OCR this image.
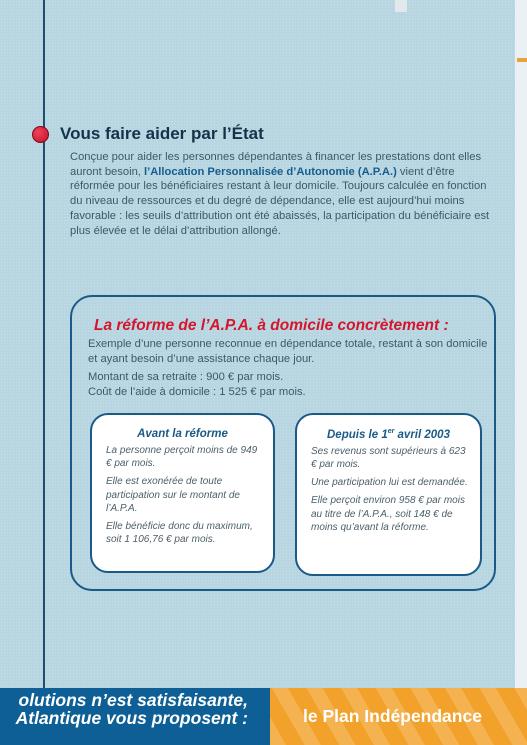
Vous faire aider par l’État

Conçue pour aider les personnes dépendantes à financer les prestations dont elles auront besoin, l’Allocation Personnalisée d’Autonomie (A.P.A.) vient d’être réformée pour les bénéficiaires restant à leur domicile. Toujours calculée en fonction du niveau de ressources et du degré de dépendance, elle est aujourd’hui moins favorable : les seuils d’attribution ont été abaissés, la participation du bénéficiaire est plus élevée et le délai d’attribution allongé.

La réforme de l’A.P.A. à domicile concrètement :

Exemple d’une personne reconnue en dépendance totale, restant à son domicile et ayant besoin d’une assistance chaque jour.

Montant de sa retraite : 900 € par mois.
Coût de l’aide à domicile : 1 525 € par mois.
Avant la réforme

La personne perçoit moins de 949 € par mois.

Elle est exonérée de toute participation sur le montant de l’A.P.A.

Elle bénéficie donc du maximum, soit 1 106,76 € par mois.

Depuis le 1er avril 2003

Ses revenus sont supérieurs à 623 € par mois.

Une participation lui est demandée.

Elle perçoit environ 958 € par mois au titre de l’A.P.A., soit 148 € de moins qu’avant la réforme.

olutions n’est satisfaisante,
Atlantique vous proposent :	le Plan Indépendance
